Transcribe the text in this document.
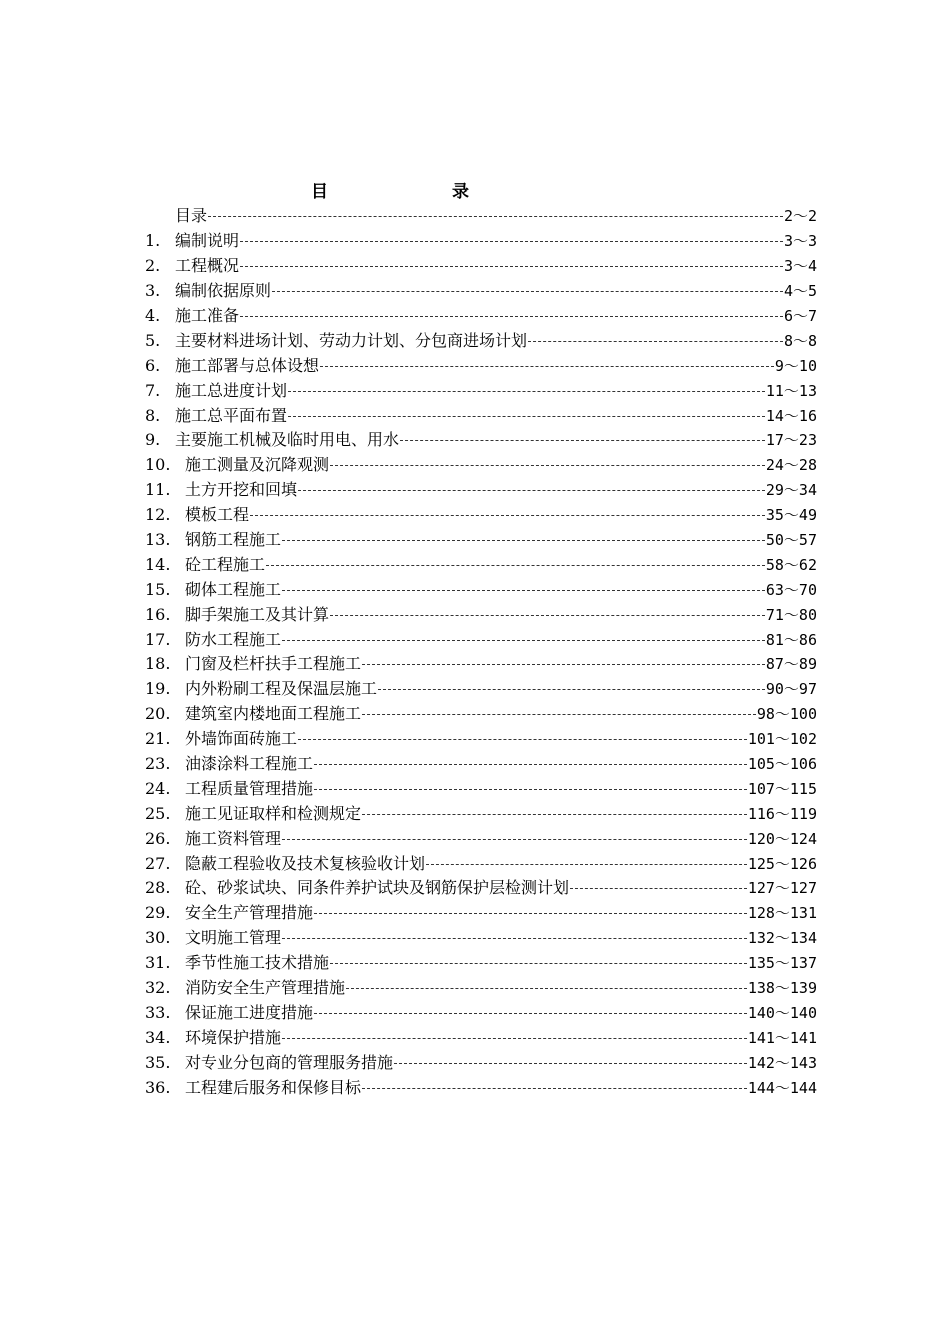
目　　录
目录	2～2
1. 编制说明	3～3
2. 工程概况	3～4
3. 编制依据原则	4～5
4. 施工准备	6～7
5. 主要材料进场计划、劳动力计划、分包商进场计划	8～8
6. 施工部署与总体设想	9～10
7. 施工总进度计划	11～13
8. 施工总平面布置	14～16
9. 主要施工机械及临时用电、用水	17～23
10. 施工测量及沉降观测	24～28
11. 土方开挖和回填	29～34
12. 模板工程	35～49
13. 钢筋工程施工	50～57
14. 砼工程施工	58～62
15. 砌体工程施工	63～70
16. 脚手架施工及其计算	71～80
17. 防水工程施工	81～86
18. 门窗及栏杆扶手工程施工	87～89
19. 内外粉刷工程及保温层施工	90～97
20. 建筑室内楼地面工程施工	98～100
21. 外墙饰面砖施工	101～102
23. 油漆涂料工程施工	105～106
24. 工程质量管理措施	107～115
25. 施工见证取样和检测规定	116～119
26. 施工资料管理	120～124
27. 隐蔽工程验收及技术复核验收计划	125～126
28. 砼、砂浆试块、同条件养护试块及钢筋保护层检测计划	127～127
29. 安全生产管理措施	128～131
30. 文明施工管理	132～134
31. 季节性施工技术措施	135～137
32. 消防安全生产管理措施	138～139
33. 保证施工进度措施	140～140
34. 环境保护措施	141～141
35. 对专业分包商的管理服务措施	142～143
36. 工程建后服务和保修目标	144～144
